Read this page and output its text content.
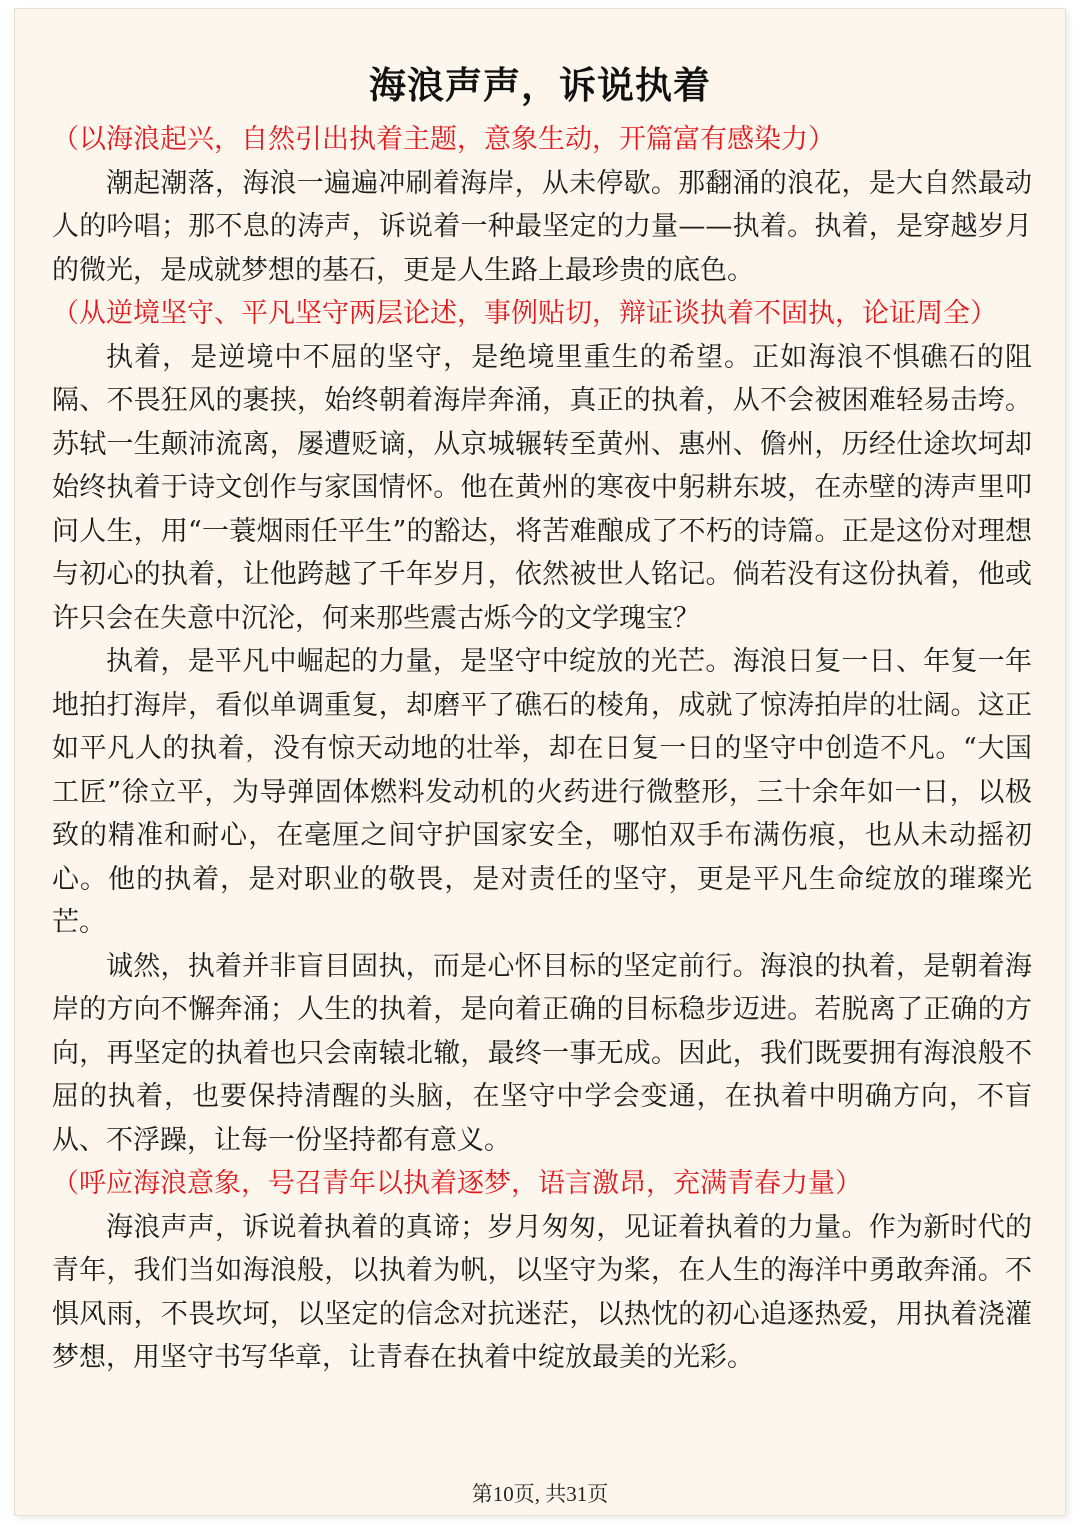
海浪声声，诉说执着

（以海浪起兴，自然引出执着主题，意象生动，开篇富有感染力）

潮起潮落，海浪一遍遍冲刷着海岸，从未停歇。那翻涌的浪花，是大自然最动人的吟唱；那不息的涛声，诉说着一种最坚定的力量——执着。执着，是穿越岁月的微光，是成就梦想的基石，更是人生路上最珍贵的底色。

（从逆境坚守、平凡坚守两层论述，事例贴切，辩证谈执着不固执，论证周全）

执着，是逆境中不屈的坚守，是绝境里重生的希望。正如海浪不惧礁石的阻隔、不畏狂风的裹挟，始终朝着海岸奔涌，真正的执着，从不会被困难轻易击垮。苏轼一生颠沛流离，屡遭贬谪，从京城辗转至黄州、惠州、儋州，历经仕途坎坷却始终执着于诗文创作与家国情怀。他在黄州的寒夜中躬耕东坡，在赤壁的涛声里叩问人生，用“一蓑烟雨任平生”的豁达，将苦难酿成了不朽的诗篇。正是这份对理想与初心的执着，让他跨越了千年岁月，依然被世人铭记。倘若没有这份执着，他或许只会在失意中沉沦，何来那些震古烁今的文学瑰宝？

执着，是平凡中崛起的力量，是坚守中绽放的光芒。海浪日复一日、年复一年地拍打海岸，看似单调重复，却磨平了礁石的棱角，成就了惊涛拍岸的壮阔。这正如平凡人的执着，没有惊天动地的壮举，却在日复一日的坚守中创造不凡。“大国工匠”徐立平，为导弹固体燃料发动机的火药进行微整形，三十余年如一日，以极致的精准和耐心，在毫厘之间守护国家安全，哪怕双手布满伤痕，也从未动摇初心。他的执着，是对职业的敬畏，是对责任的坚守，更是平凡生命绽放的璀璨光芒。

诚然，执着并非盲目固执，而是心怀目标的坚定前行。海浪的执着，是朝着海岸的方向不懈奔涌；人生的执着，是向着正确的目标稳步迈进。若脱离了正确的方向，再坚定的执着也只会南辕北辙，最终一事无成。因此，我们既要拥有海浪般不屈的执着，也要保持清醒的头脑，在坚守中学会变通，在执着中明确方向，不盲从、不浮躁，让每一份坚持都有意义。

（呼应海浪意象，号召青年以执着逐梦，语言激昂，充满青春力量）

海浪声声，诉说着执着的真谛；岁月匆匆，见证着执着的力量。作为新时代的青年，我们当如海浪般，以执着为帆，以坚守为桨，在人生的海洋中勇敢奔涌。不惧风雨，不畏坎坷，以坚定的信念对抗迷茫，以热忱的初心追逐热爱，用执着浇灌梦想，用坚守书写华章，让青春在执着中绽放最美的光彩。

第10页, 共31页
